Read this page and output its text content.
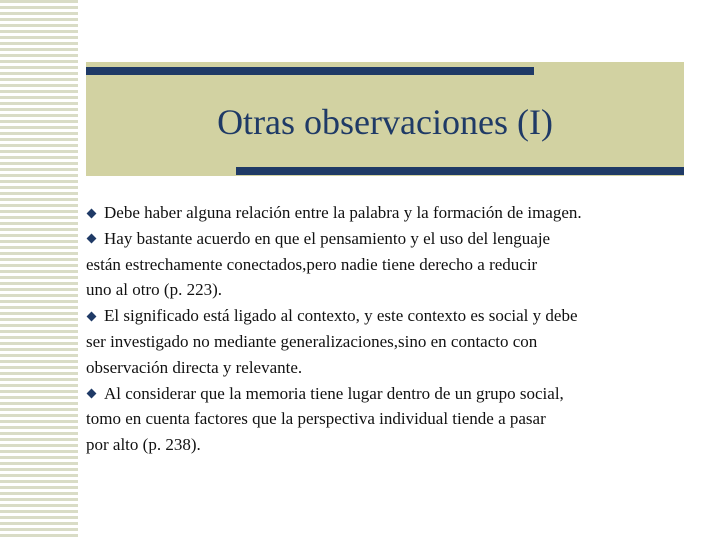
Otras observaciones (I)

Debe haber alguna relación entre la palabra y la formación de imagen.

Hay bastante acuerdo en que el pensamiento y el uso del lenguaje
están estrechamente conectados,pero nadie tiene derecho a reducir
uno al otro (p. 223).

El significado está ligado al contexto, y este contexto es social y debe
ser investigado no mediante generalizaciones,sino en contacto con
observación directa y relevante.

Al considerar que la memoria tiene lugar dentro de un grupo social,
tomo en cuenta factores que la perspectiva individual tiende a pasar
por alto (p. 238).
